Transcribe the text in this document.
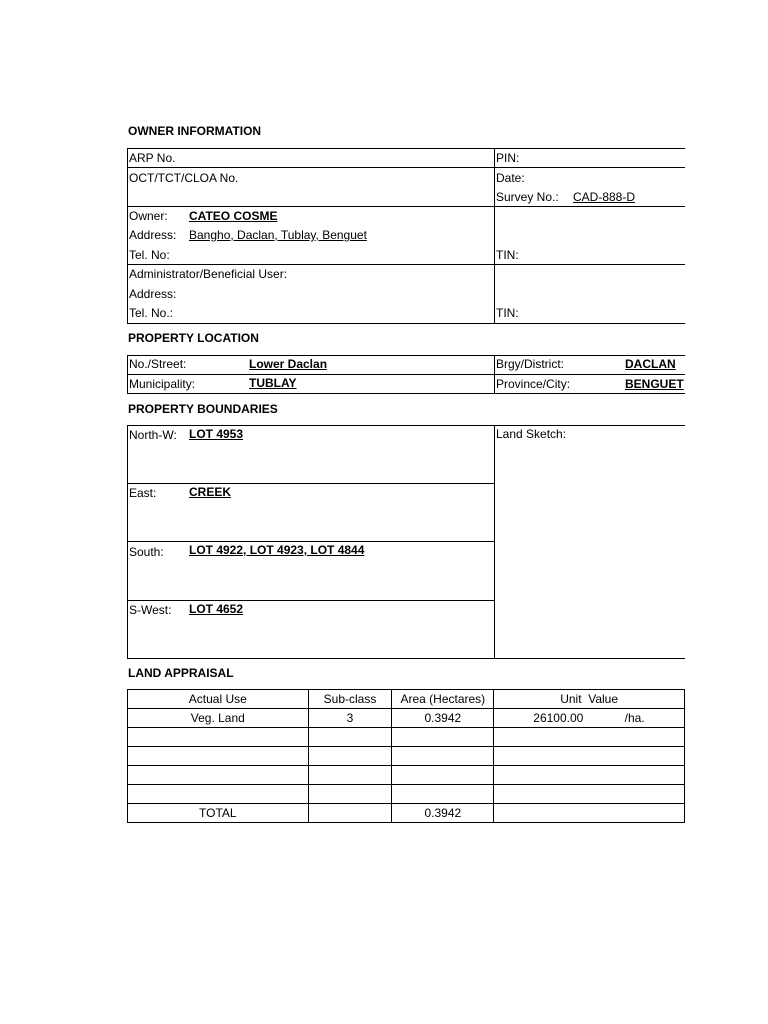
OWNER INFORMATION
ARP No.	PIN:
OCT/TCT/CLOA No.	Date:
Survey No.: CAD-888-D
Owner: CATEO COSME
Address: Bangho, Daclan, Tublay, Benguet
Tel. No:	TIN:
Administrator/Beneficial User:
Address:
Tel. No.:	TIN:
PROPERTY LOCATION
No./Street:	Lower Daclan	Brgy/District:	DACLAN
Municipality:	TUBLAY	Province/City:	BENGUET
PROPERTY BOUNDARIES
North-W: LOT 4953
East:	CREEK
South: LOT 4922, LOT 4923, LOT 4844
S-West: LOT 4652
Land Sketch:
LAND APPRAISAL
Actual Use	Sub-class	Area (Hectares)	Unit  Value
Veg. Land	3	0.3942	26100.00 /ha.

TOTAL		0.3942	
